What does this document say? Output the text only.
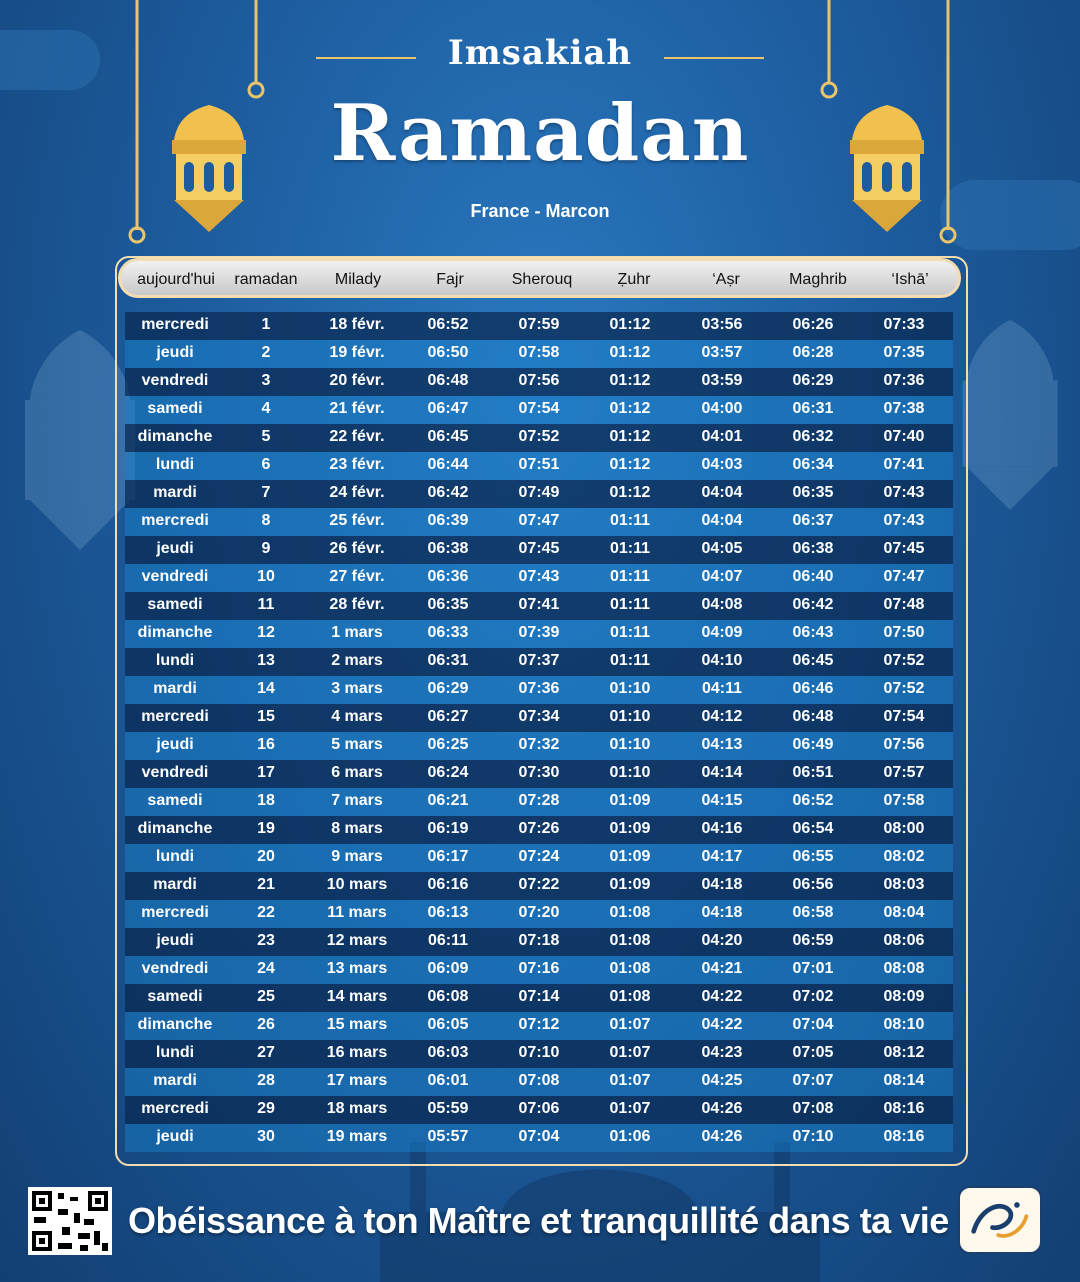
Imsakiah
Ramadan
France - Marcon
aujourd'hui	ramadan	Milady	Fajr	Sherouq	Ẓuhr	‘Aṣr	Maghrib	‘Ishā’
mercredi	1	18 févr.	06:52	07:59	01:12	03:56	06:26	07:33
jeudi	2	19 févr.	06:50	07:58	01:12	03:57	06:28	07:35
vendredi	3	20 févr.	06:48	07:56	01:12	03:59	06:29	07:36
samedi	4	21 févr.	06:47	07:54	01:12	04:00	06:31	07:38
dimanche	5	22 févr.	06:45	07:52	01:12	04:01	06:32	07:40
lundi	6	23 févr.	06:44	07:51	01:12	04:03	06:34	07:41
mardi	7	24 févr.	06:42	07:49	01:12	04:04	06:35	07:43
mercredi	8	25 févr.	06:39	07:47	01:11	04:04	06:37	07:43
jeudi	9	26 févr.	06:38	07:45	01:11	04:05	06:38	07:45
vendredi	10	27 févr.	06:36	07:43	01:11	04:07	06:40	07:47
samedi	11	28 févr.	06:35	07:41	01:11	04:08	06:42	07:48
dimanche	12	1 mars	06:33	07:39	01:11	04:09	06:43	07:50
lundi	13	2 mars	06:31	07:37	01:11	04:10	06:45	07:52
mardi	14	3 mars	06:29	07:36	01:10	04:11	06:46	07:52
mercredi	15	4 mars	06:27	07:34	01:10	04:12	06:48	07:54
jeudi	16	5 mars	06:25	07:32	01:10	04:13	06:49	07:56
vendredi	17	6 mars	06:24	07:30	01:10	04:14	06:51	07:57
samedi	18	7 mars	06:21	07:28	01:09	04:15	06:52	07:58
dimanche	19	8 mars	06:19	07:26	01:09	04:16	06:54	08:00
lundi	20	9 mars	06:17	07:24	01:09	04:17	06:55	08:02
mardi	21	10 mars	06:16	07:22	01:09	04:18	06:56	08:03
mercredi	22	11 mars	06:13	07:20	01:08	04:18	06:58	08:04
jeudi	23	12 mars	06:11	07:18	01:08	04:20	06:59	08:06
vendredi	24	13 mars	06:09	07:16	01:08	04:21	07:01	08:08
samedi	25	14 mars	06:08	07:14	01:08	04:22	07:02	08:09
dimanche	26	15 mars	06:05	07:12	01:07	04:22	07:04	08:10
lundi	27	16 mars	06:03	07:10	01:07	04:23	07:05	08:12
mardi	28	17 mars	06:01	07:08	01:07	04:25	07:07	08:14
mercredi	29	18 mars	05:59	07:06	01:07	04:26	07:08	08:16
jeudi	30	19 mars	05:57	07:04	01:06	04:26	07:10	08:16
Obéissance à ton Maître et tranquillité dans ta vie
